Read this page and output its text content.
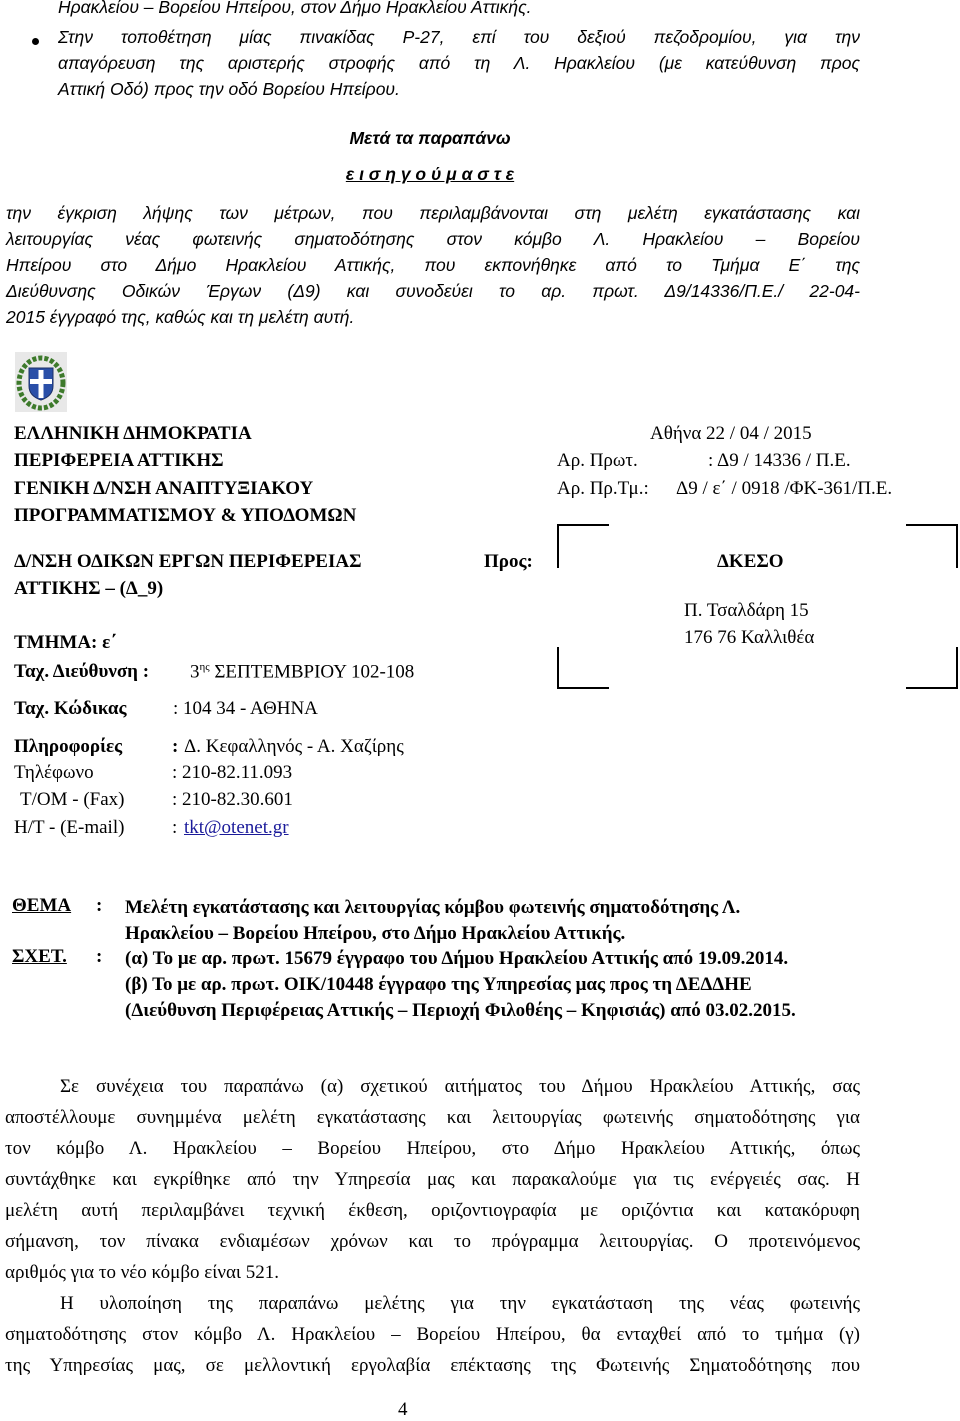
Ηρακλείου – Βορείου Ηπείρου, στον Δήμο Ηρακλείου Αττικής.
Στην τοποθέτηση μίας πινακίδας Ρ-27, επί του δεξιού πεζοδρομίου, για την
απαγόρευση της αριστερής στροφής από τη Λ. Ηρακλείου (με κατεύθυνση προς
Αττική Οδό) προς την οδό Βορείου Ηπείρου.
Μετά τα παραπάνω
ε ι σ η γ ο ύ μ α σ τ ε
την έγκριση λήψης των μέτρων, που περιλαμβάνονται στη μελέτη εγκατάστασης και
λειτουργίας νέας φωτεινής σηματοδότησης στον κόμβο Λ. Ηρακλείου – Βορείου
Ηπείρου στο Δήμο Ηρακλείου Αττικής, που εκπονήθηκε από το Τμήμα Ε΄ της
Διεύθυνσης Οδικών Έργων (Δ9) και συνοδεύει το αρ. πρωτ. Δ9/14336/Π.Ε./ 22-04-
2015 έγγραφό της, καθώς και τη μελέτη αυτή.
ΕΛΛΗΝΙΚΗ ΔΗΜΟΚΡΑΤΙΑ
ΠΕΡΙΦΕΡΕΙΑ ΑΤΤΙΚΗΣ
ΓΕΝΙΚΗ Δ/ΝΣΗ ΑΝΑΠΤΥΞΙΑΚΟΥ
ΠΡΟΓΡΑΜΜΑΤΙΣΜΟΥ & ΥΠΟΔΟΜΩΝ
Δ/ΝΣΗ ΟΔΙΚΩΝ ΕΡΓΩΝ ΠΕΡΙΦΕΡΕΙΑΣ
ΑΤΤΙΚΗΣ – (Δ_9)
ΤΜΗΜΑ: ε΄
Αθήνα 22 / 04 / 2015
Αρ. Πρωτ.	: Δ9 / 14336 / Π.Ε.
Αρ. Πρ.Τμ.: Δ9 / ε΄ / 0918 /ΦΚ-361/Π.Ε.
Προς:	ΔΚΕΣΟ
Π. Τσαλδάρη 15
176 76 Καλλιθέα
Ταχ. Διεύθυνση : $3^{\eta\varsigma}$ ΣΕΠΤΕΜΒΡΙΟΥ 102-108
Ταχ. Κώδικας : 104 34 - ΑΘΗΝΑ
Πληροφορίες	: Δ. Κεφαλληνός - Α. Χαζίρης
Τηλέφωνο	: 210-82.11.093
Τ/ΟΜ - (Fax)	: 210-82.30.601
Η/Τ - (E-mail)	: tkt@otenet.gr
ΘΕΜΑ : Μελέτη εγκατάστασης και λειτουργίας κόμβου φωτεινής σηματοδότησης Λ.
Ηρακλείου – Βορείου Ηπείρου, στο Δήμο Ηρακλείου Αττικής.
ΣΧΕΤ. : (α) Το με αρ. πρωτ. 15679 έγγραφο του Δήμου Ηρακλείου Αττικής από 19.09.2014.
(β) Το με αρ. πρωτ. ΟΙΚ/10448 έγγραφο της Υπηρεσίας μας προς τη ΔΕΔΔΗΕ
(Διεύθυνση Περιφέρειας Αττικής – Περιοχή Φιλοθέης – Κηφισιάς) από 03.02.2015.
Σε συνέχεια του παραπάνω (α) σχετικού αιτήματος του Δήμου Ηρακλείου Αττικής, σας
αποστέλλουμε συνημμένα μελέτη εγκατάστασης και λειτουργίας φωτεινής σηματοδότησης για
τον κόμβο Λ. Ηρακλείου – Βορείου Ηπείρου, στο Δήμο Ηρακλείου Αττικής, όπως
συντάχθηκε και εγκρίθηκε από την Υπηρεσία μας και παρακαλούμε για τις ενέργειές σας. Η
μελέτη αυτή περιλαμβάνει τεχνική έκθεση, οριζοντιογραφία με οριζόντια και κατακόρυφη
σήμανση, τον πίνακα ενδιαμέσων χρόνων και το πρόγραμμα λειτουργίας. Ο προτεινόμενος
αριθμός για το νέο κόμβο είναι 521.
Η υλοποίηση της παραπάνω μελέτης για την εγκατάσταση της νέας φωτεινής
σηματοδότησης στον κόμβο Λ. Ηρακλείου – Βορείου Ηπείρου, θα ενταχθεί από το τμήμα (γ)
της Υπηρεσίας μας, σε μελλοντική εργολαβία επέκτασης της Φωτεινής Σηματοδότησης που
4
